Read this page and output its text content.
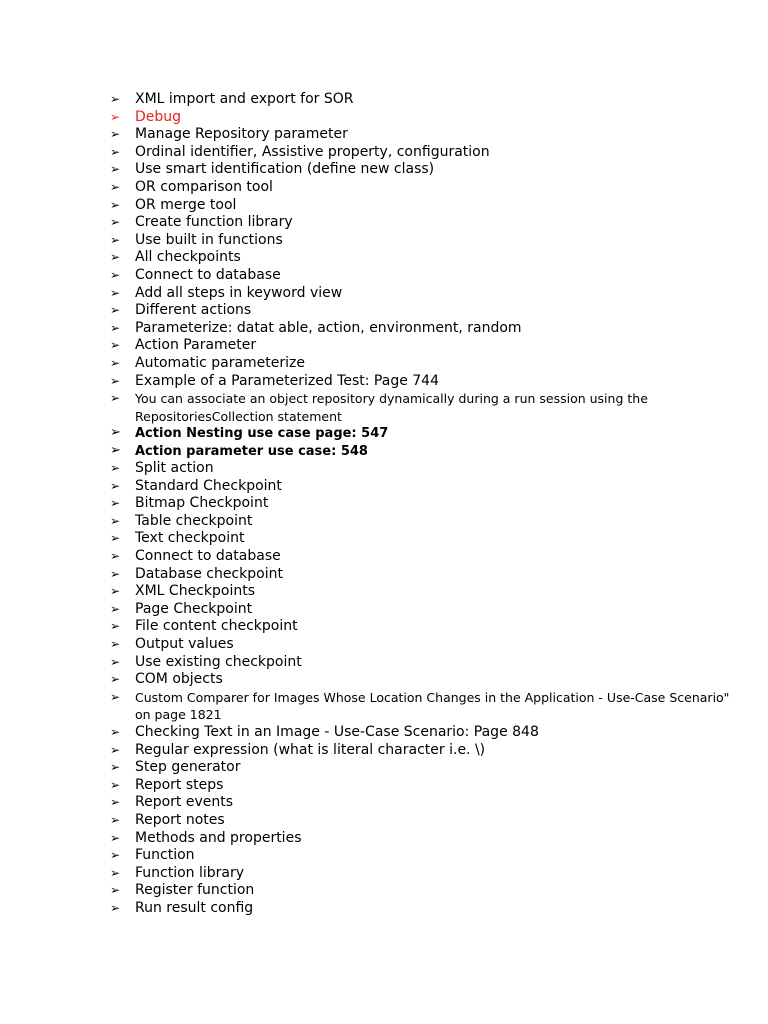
➢ XML import and export for SOR
➢ Debug
➢ Manage Repository parameter
➢ Ordinal identifier, Assistive property, configuration
➢ Use smart identification (define new class)
➢ OR comparison tool
➢ OR merge tool
➢ Create function library
➢ Use built in functions
➢ All checkpoints
➢ Connect to database
➢ Add all steps in keyword view
➢ Different actions
➢ Parameterize: datat able, action, environment, random
➢ Action Parameter
➢ Automatic parameterize
➢ Example of a Parameterized Test: Page 744
➢ You can associate an object repository dynamically during a run session using the RepositoriesCollection statement
➢ Action Nesting use case page: 547
➢ Action parameter use case: 548
➢ Split action
➢ Standard Checkpoint
➢ Bitmap Checkpoint
➢ Table checkpoint
➢ Text checkpoint
➢ Connect to database
➢ Database checkpoint
➢ XML Checkpoints
➢ Page Checkpoint
➢ File content checkpoint
➢ Output values
➢ Use existing checkpoint
➢ COM objects
➢ Custom Comparer for Images Whose Location Changes in the Application - Use-Case Scenario" on page 1821
➢ Checking Text in an Image - Use-Case Scenario: Page 848
➢ Regular expression (what is literal character i.e. \)
➢ Step generator
➢ Report steps
➢ Report events
➢ Report notes
➢ Methods and properties
➢ Function
➢ Function library
➢ Register function
➢ Run result config
